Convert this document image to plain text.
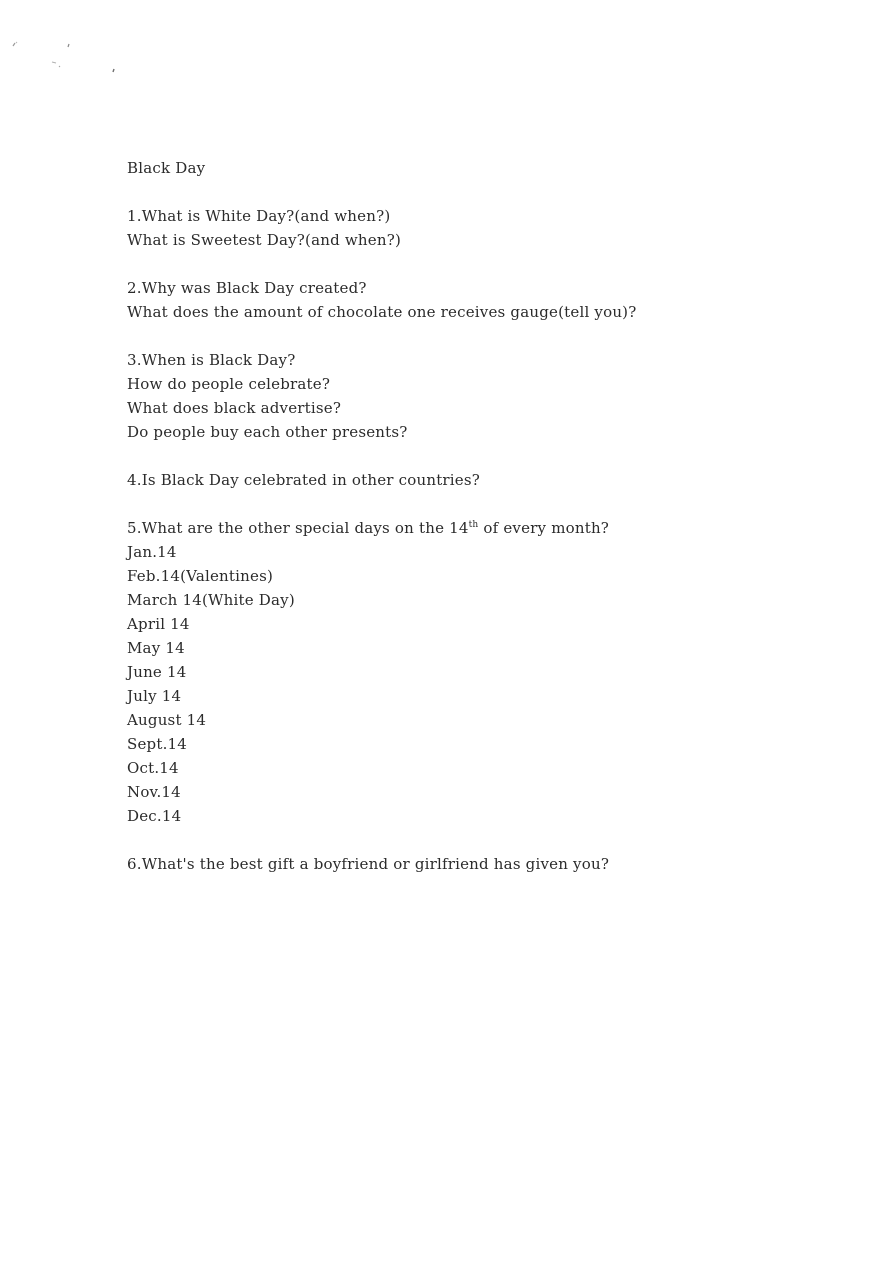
Black Day
1.What is White Day?(and when?)
What is Sweetest Day?(and when?)
2.Why was Black Day created?
What does the amount of chocolate one receives gauge(tell you)?
3.When is Black Day?
How do people celebrate?
What does black advertise?
Do people buy each other presents?
4.Is Black Day celebrated in other countries?
5.What are the other special days on the 14th of every month?
Jan.14
Feb.14(Valentines)
March 14(White Day)
April 14
May 14
June 14
July 14
August 14
Sept.14
Oct.14
Nov.14
Dec.14
6.What's the best gift a boyfriend or girlfriend has given you?
